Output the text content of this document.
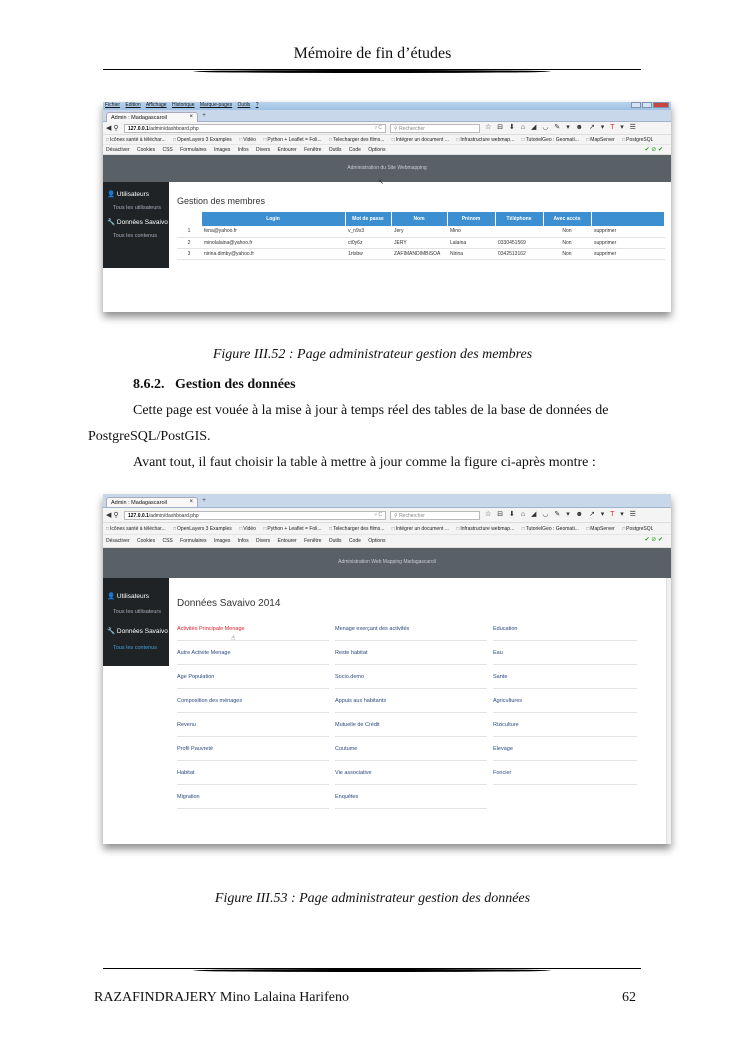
Mémoire de fin d’études
Fichier Édition Affichage Historique Marque-pages Outils ?
Admin : Madagascaroil	× +
◀ ⚲	127.0.0.1/admin/dashboard.php	▿ C	⚲ Rechercher	☆ ⊟ ⬇ ⌂ ◢ ◡ ✎ ▾ ☻ ↗ ▾ T ▾ ☰
□ Icônes santé à téléchar... □ OpenLayers 3 Examples □ Vidéo □ Python + Leaflet = Foli... □ Telecharger des films... □ Intégrer un document ... □ Infrastructure webmap... □ TutorielGeo : Geomati... □ MapServer □ PostgreSQL
Désactiver Cookies CSS Formulaires Images Infos Divers Entourer Fenêtre Outils Code Options	✔ ⊘ ✔
Administration du Site Webmapping
↖
👤 Utilisateurs
Tous les utilisateurs
🔧 Données Savaivo
Tous les contenus
Gestion des membres
	Login	Mot de passe	Nom	Prénom	Téléphone	Avec accès	
1	fena@yahoo.fr	v_n9x3	Jery	Mino		Non	supprimer
2	minolalaina@yahoo.fr	ct0y6z	JERY	Lalaina	0330451569	Non	supprimer
3	nirina.dimby@yahoo.fr	1rtsbw	ZAFIMANDIMBISOA	Nirina	0342513162	Non	supprimer
Figure III.52 : Page administrateur gestion des membres
8.6.2. Gestion des données
Cette page est vouée à la mise à jour à temps réel des tables de la base de données de
PostgreSQL/PostGIS.
Avant tout, il faut choisir la table à mettre à jour comme la figure ci-après montre :
Admin : Madagascaroil	× +
◀ ⚲	127.0.0.1/admin/dashboard.php	▿ C	⚲ Rechercher	☆ ⊟ ⬇ ⌂ ◢ ◡ ✎ ▾ ☻ ↗ ▾ T ▾ ☰
□ Icônes santé à téléchar... □ OpenLayers 3 Examples □ Vidéo □ Python + Leaflet = Foli... □ Telecharger des films... □ Intégrer un document ... □ Infrastructure webmap... □ TutorielGeo : Geomati... □ MapServer □ PostgreSQL
Désactiver Cookies CSS Formulaires Images Infos Divers Entourer Fenêtre Outils Code Options	✔ ⊘ ✔
Administration Web Mapping Madagascaroil
👤 Utilisateurs
Tous les utilisateurs
🔧 Données Savaivo
Tous les contenus
Données Savaivo 2014
Activités Principale Menage	Menage exerçant des activités	Education
Autre Activite Menage	Reste habitat	Eau
Age Population	Socio.demo	Sante
Composition des ménages	Appuis aux habitants	Agricultures
Revenu	Mutuelle de Crédit	Riziculture
Profil Pauvreté	Coutume	Elevage
Habitat	Vie associative	Foncier
Migration	Enquêtes
☝
Figure III.53 : Page administrateur gestion des données
RAZAFINDRAJERY Mino Lalaina Harifeno	62
